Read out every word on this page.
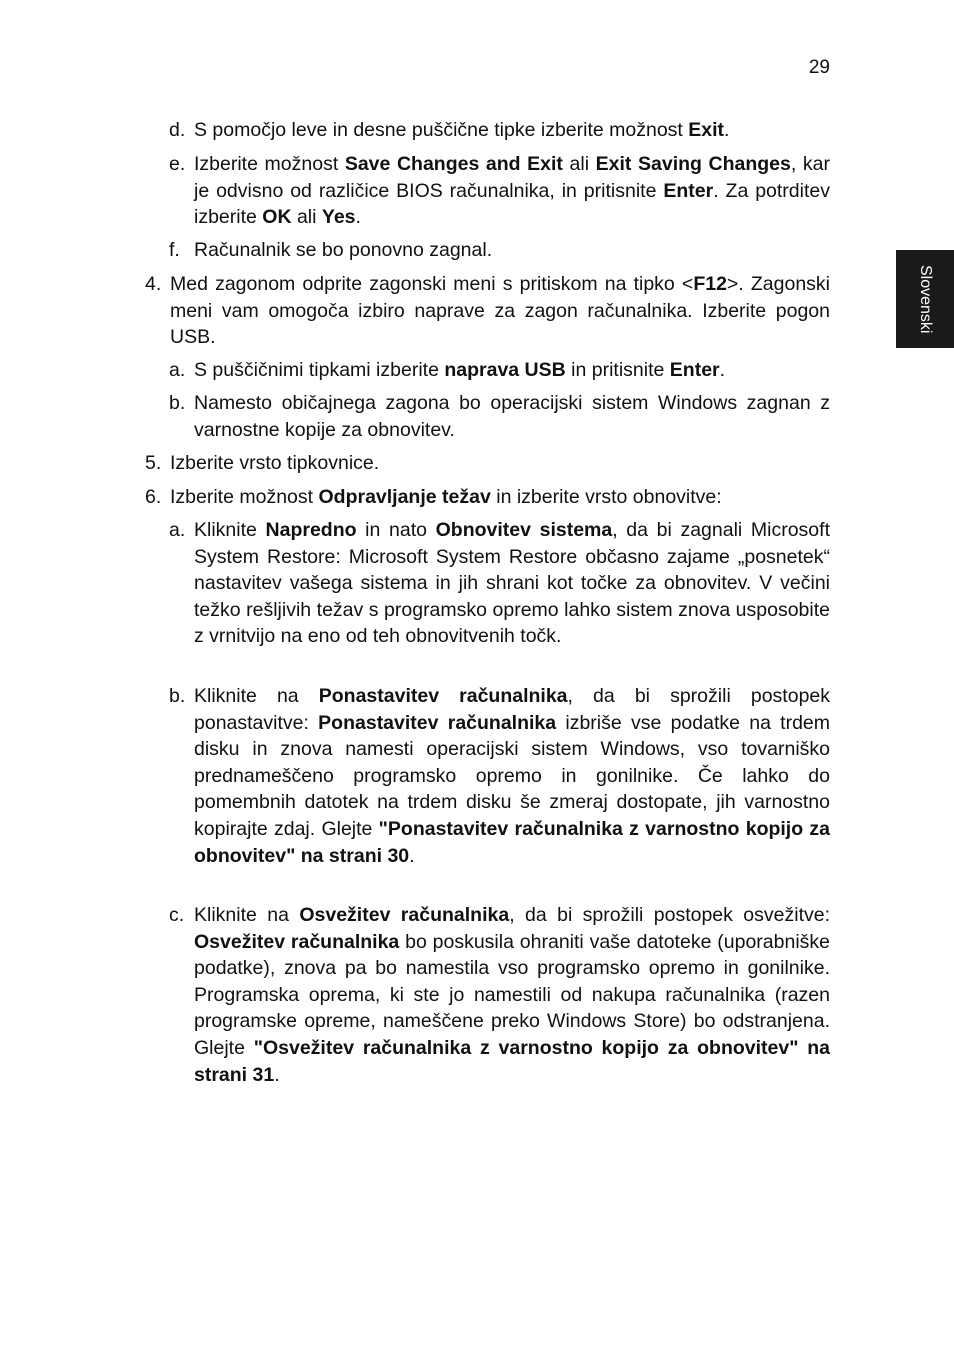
29
Slovenski
d. S pomočjo leve in desne puščične tipke izberite možnost Exit.
e. Izberite možnost Save Changes and Exit ali Exit Saving Changes, kar je odvisno od različice BIOS računalnika, in pritisnite Enter. Za potrditev izberite OK ali Yes.
f. Računalnik se bo ponovno zagnal.
4. Med zagonom odprite zagonski meni s pritiskom na tipko <F12>. Zagonski meni vam omogoča izbiro naprave za zagon računalnika. Izberite pogon USB.
a. S puščičnimi tipkami izberite naprava USB in pritisnite Enter.
b. Namesto običajnega zagona bo operacijski sistem Windows zagnan z varnostne kopije za obnovitev.
5. Izberite vrsto tipkovnice.
6. Izberite možnost Odpravljanje težav in izberite vrsto obnovitve:
a. Kliknite Napredno in nato Obnovitev sistema, da bi zagnali Microsoft System Restore: Microsoft System Restore občasno zajame „posnetek“ nastavitev vašega sistema in jih shrani kot točke za obnovitev. V večini težko rešljivih težav s programsko opremo lahko sistem znova usposobite z vrnitvijo na eno od teh obnovitvenih točk.
b. Kliknite na Ponastavitev računalnika, da bi sprožili postopek ponastavitve: Ponastavitev računalnika izbriše vse podatke na trdem disku in znova namesti operacijski sistem Windows, vso tovarniško prednameščeno programsko opremo in gonilnike. Če lahko do pomembnih datotek na trdem disku še zmeraj dostopate, jih varnostno kopirajte zdaj. Glejte "Ponastavitev računalnika z varnostno kopijo za obnovitev" na strani 30.
c. Kliknite na Osvežitev računalnika, da bi sprožili postopek osvežitve: Osvežitev računalnika bo poskusila ohraniti vaše datoteke (uporabniške podatke), znova pa bo namestila vso programsko opremo in gonilnike. Programska oprema, ki ste jo namestili od nakupa računalnika (razen programske opreme, nameščene preko Windows Store) bo odstranjena. Glejte "Osvežitev računalnika z varnostno kopijo za obnovitev" na strani 31.
